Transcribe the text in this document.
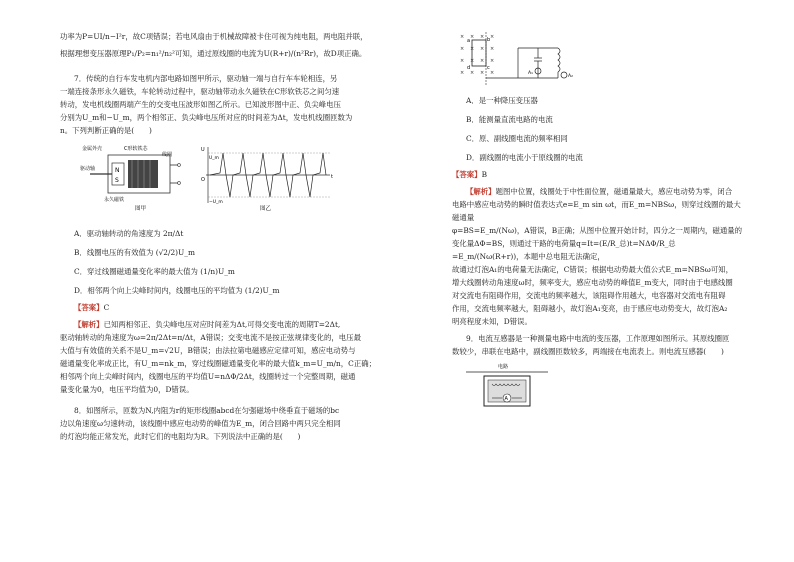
功率为P=UI/n−I²r，故C项错误；若电风扇由于机械故障被卡住可视为纯电阻，两电阻并联，

根据理想变压器原理P₁/P₂=n₁²/n₂²可知，通过原线圈的电流为U(R+r)/(n²Rr)，故D项正确。

7．传统的自行车发电机内部电路如图甲所示，驱动轴一端与自行车车轮相连，另

一端连接条形永久磁铁，车轮转动过程中，驱动轴带动永久磁铁在C形软铁芯之间匀速

转动，发电机线圈两端产生的交变电压波形如图乙所示。已知波形图中正、负尖峰电压

分别为U_m和−U_m，两个相邻正、负尖峰电压所对应的时间差为Δt，发电机线圈匝数为

n。下列判断正确的是(　　)

N
S
金属外壳	C形软铁芯
线圈
驱动轴
永久磁铁
图甲
U
t
O
U_m
−U_m
图乙

A．驱动轴转动的角速度为 2π/Δt

B．线圈电压的有效值为 (√2/2)U_m

C．穿过线圈磁通量变化率的最大值为 (1/n)U_m

D．相邻两个向上尖峰时间内，线圈电压的平均值为 (1/2)U_m

【答案】C

【解析】已知两相邻正、负尖峰电压对应时间差为Δt,可得交变电流的周期T=2Δt,

驱动轴转动的角速度为ω=2π/2Δt=π/Δt，A错误；交变电流不是按正弦规律变化的，电压最

大值与有效值的关系不是U_m=√2U，B错误；由法拉第电磁感应定律可知，感应电动势与

磁通量变化率成正比，有U_m=nk_m，穿过线圈磁通量变化率的最大值k_m=U_m/n，C正确；

相邻两个向上尖峰时间内，线圈电压的平均值U=nΔΦ/2Δt，线圈转过一个完整周期，磁通

量变化量为0，电压平均值为0，D错误。

8．如图所示，匝数为N,内阻为r的矩形线圈abcd在匀强磁场中绕垂直于磁场的bc

边以角速度ω匀速转动，该线圈中感应电动势的峰值为E_m，闭合回路中两只完全相同

的灯泡均能正常发光，此时它们的电阻均为R。下列说法中正确的是(　　)

× × × ×
× × × ×
× × × ×
× × × ×
a	b
c
d
A₁
A₂

A．是一种降压变压器

B．能测量直流电路的电流

C．原、副线圈电流的频率相同

D．副线圈的电流小于原线圈的电流

【答案】B

【解析】题图中位置，线圈处于中性面位置，磁通量最大，感应电动势为零，闭合

电路中感应电动势的瞬时值表达式e=E_m sin ωt，而E_m=NBSω，则穿过线圈的最大磁通量

φ=BS=E_m/(Nω)，A错误，B正确；从图中位置开始计时，四分之一周期内，磁通量的

变化量ΔΦ=BS，则通过干路的电荷量q=It=(E/R_总)t=NΔΦ/R_总=E_m/(Nω(R+r))，本题中总电阻无法确定，

故通过灯泡A₁的电荷量无法确定，C错误；根据电动势最大值公式E_m=NBSω可知，

增大线圈转动角速度ω时，频率变大，感应电动势的峰值E_m变大，同时由于电感线圈

对交流电有阻碍作用，交流电的频率越大，该阻碍作用越大，电容器对交流电有阻碍

作用，交流电频率越大，阻碍越小，故灯泡A₁变亮，由于感应电动势变大，故灯泡A₂

明亮程度未知，D错误。

9．电流互感器是一种测量电路中电流的变压器，工作原理如图所示。其原线圈匝

数较少，串联在电路中，副线圈匝数较多，两端接在电流表上。则电流互感器(　　)

电路
A
